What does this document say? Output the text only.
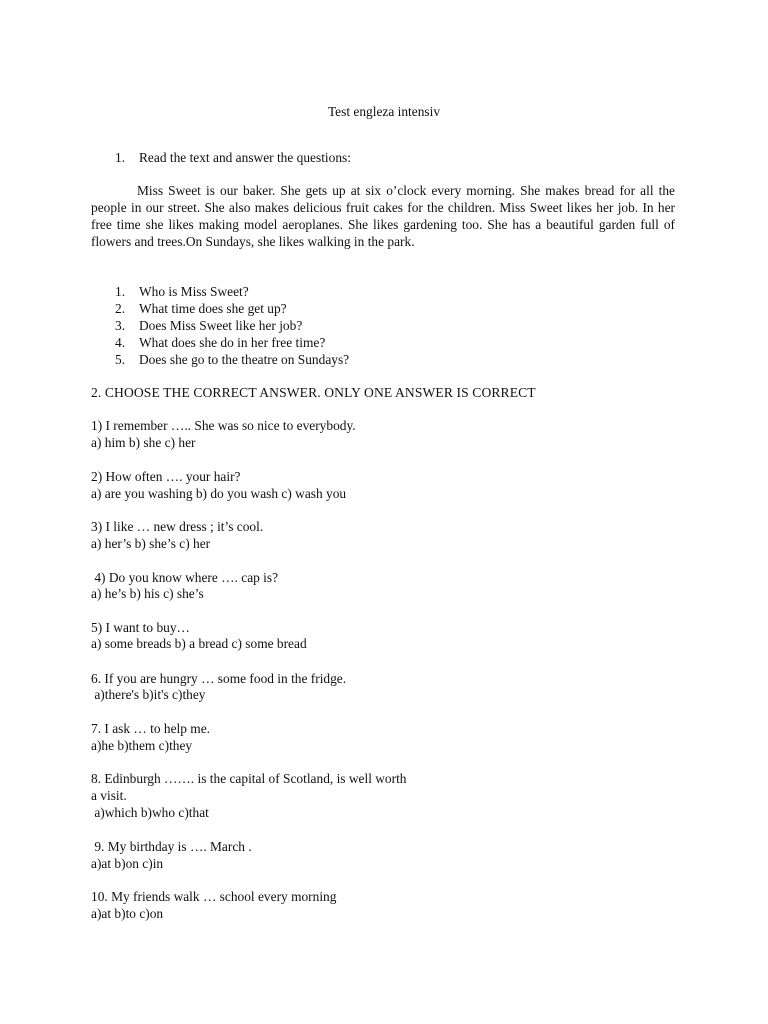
Test engleza intensiv
1. Read the text and answer the questions:
Miss Sweet is our baker. She gets up at six o’clock every morning. She makes bread for all the people in our street. She also makes delicious fruit cakes for the children. Miss Sweet likes her job. In her free time she likes making model aeroplanes. She likes gardening too. She has a beautiful garden full of flowers and trees.On Sundays, she likes walking in the park.
1. Who is Miss Sweet?
2. What time does she get up?
3. Does Miss Sweet like her job?
4. What does she do in her free time?
5. Does she go to the theatre on Sundays?
2. CHOOSE THE CORRECT ANSWER. ONLY ONE ANSWER IS CORRECT
1) I remember ….. She was so nice to everybody.
a) him b) she c) her
2) How often …. your hair?
a) are you washing b) do you wash c) wash you
3) I like … new dress ; it’s cool.
a) her’s b) she’s c) her
4) Do you know where …. cap is?
a) he’s b) his c) she’s
5) I want to buy…
a) some breads b) a bread c) some bread
6. If you are hungry … some food in the fridge.
a)there's b)it's c)they
7. I ask … to help me.
a)he b)them c)they
8. Edinburgh ……. is the capital of Scotland, is well worth
a visit.
a)which b)who c)that
9. My birthday is …. March .
a)at b)on c)in
10. My friends walk … school every morning
a)at b)to c)on
